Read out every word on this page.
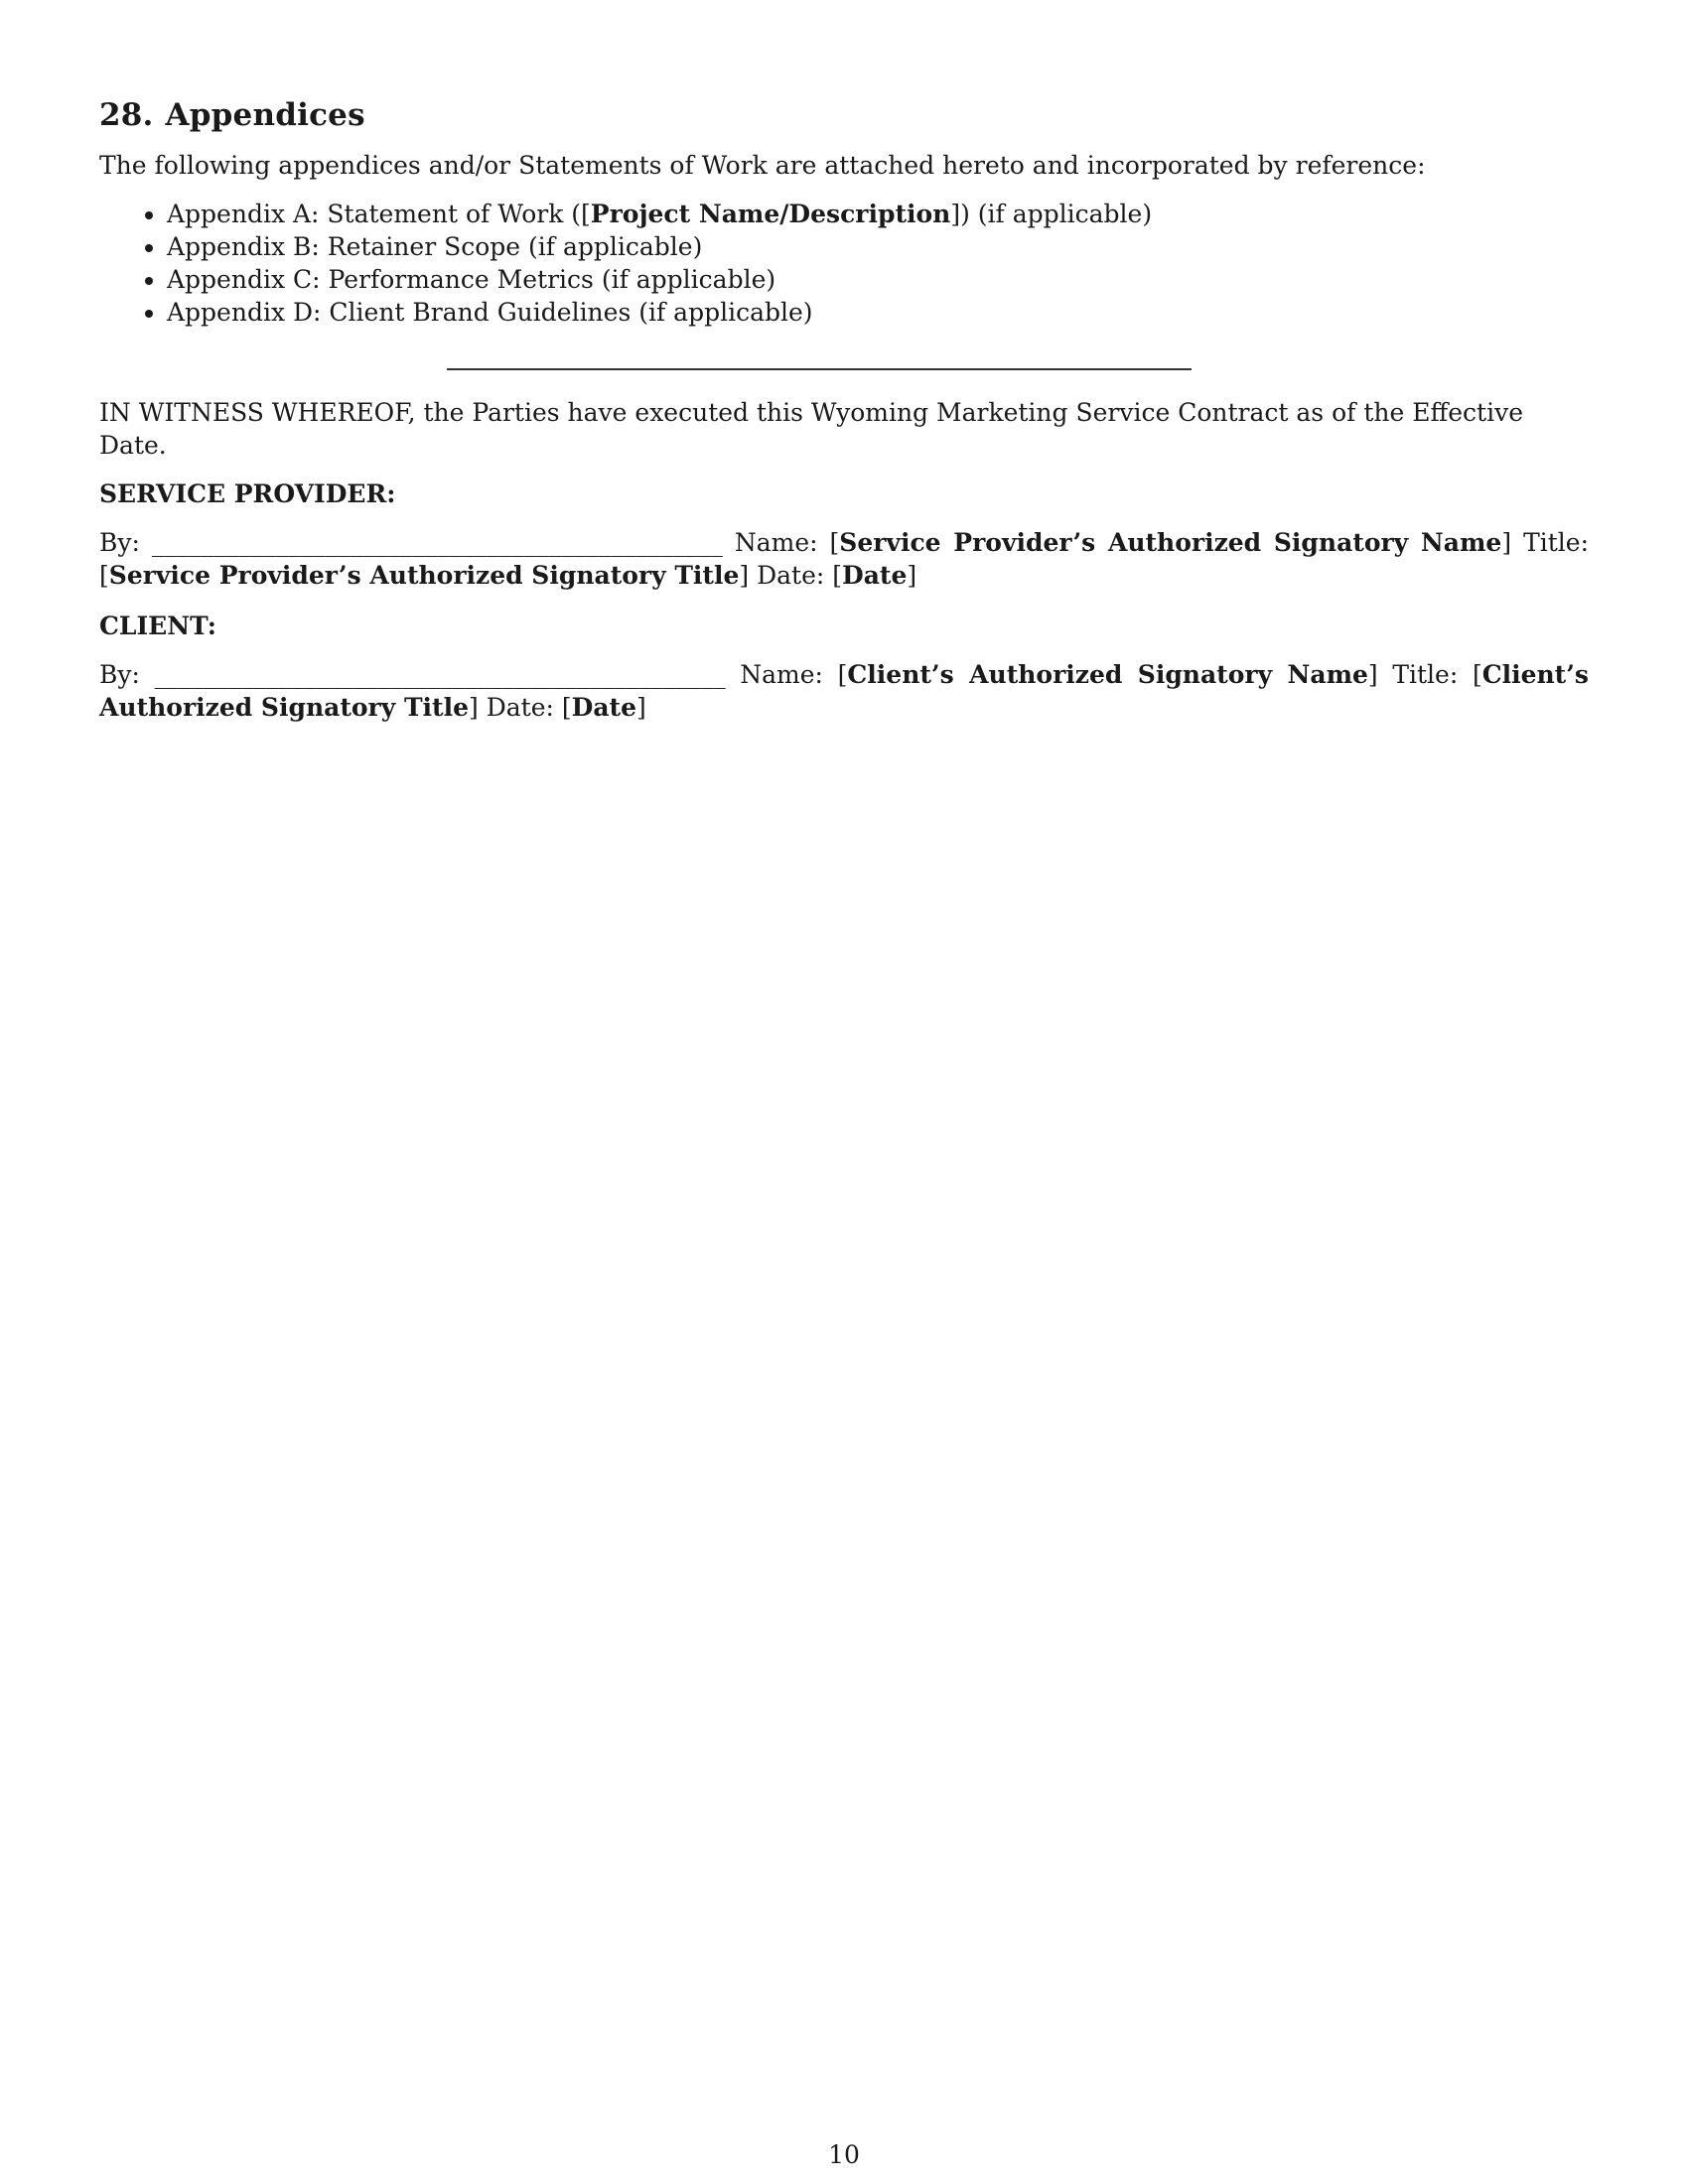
28. Appendices

The following appendices and/or Statements of Work are attached hereto and incorporated by reference:

• Appendix A: Statement of Work ([Project Name/Description]) (if applicable)
• Appendix B: Retainer Scope (if applicable)
• Appendix C: Performance Metrics (if applicable)
• Appendix D: Client Brand Guidelines (if applicable)

IN WITNESS WHEREOF, the Parties have executed this Wyoming Marketing Service Contract as of the Effective Date.

SERVICE PROVIDER:

By: ______________________________________________ Name: [Service Provider’s Authorized Signatory Name] Title: [Service Provider’s Authorized Signatory Title] Date: [Date]

CLIENT:

By: ______________________________________________ Name: [Client’s Authorized Signatory Name] Title: [Client’s Authorized Signatory Title] Date: [Date]

10
